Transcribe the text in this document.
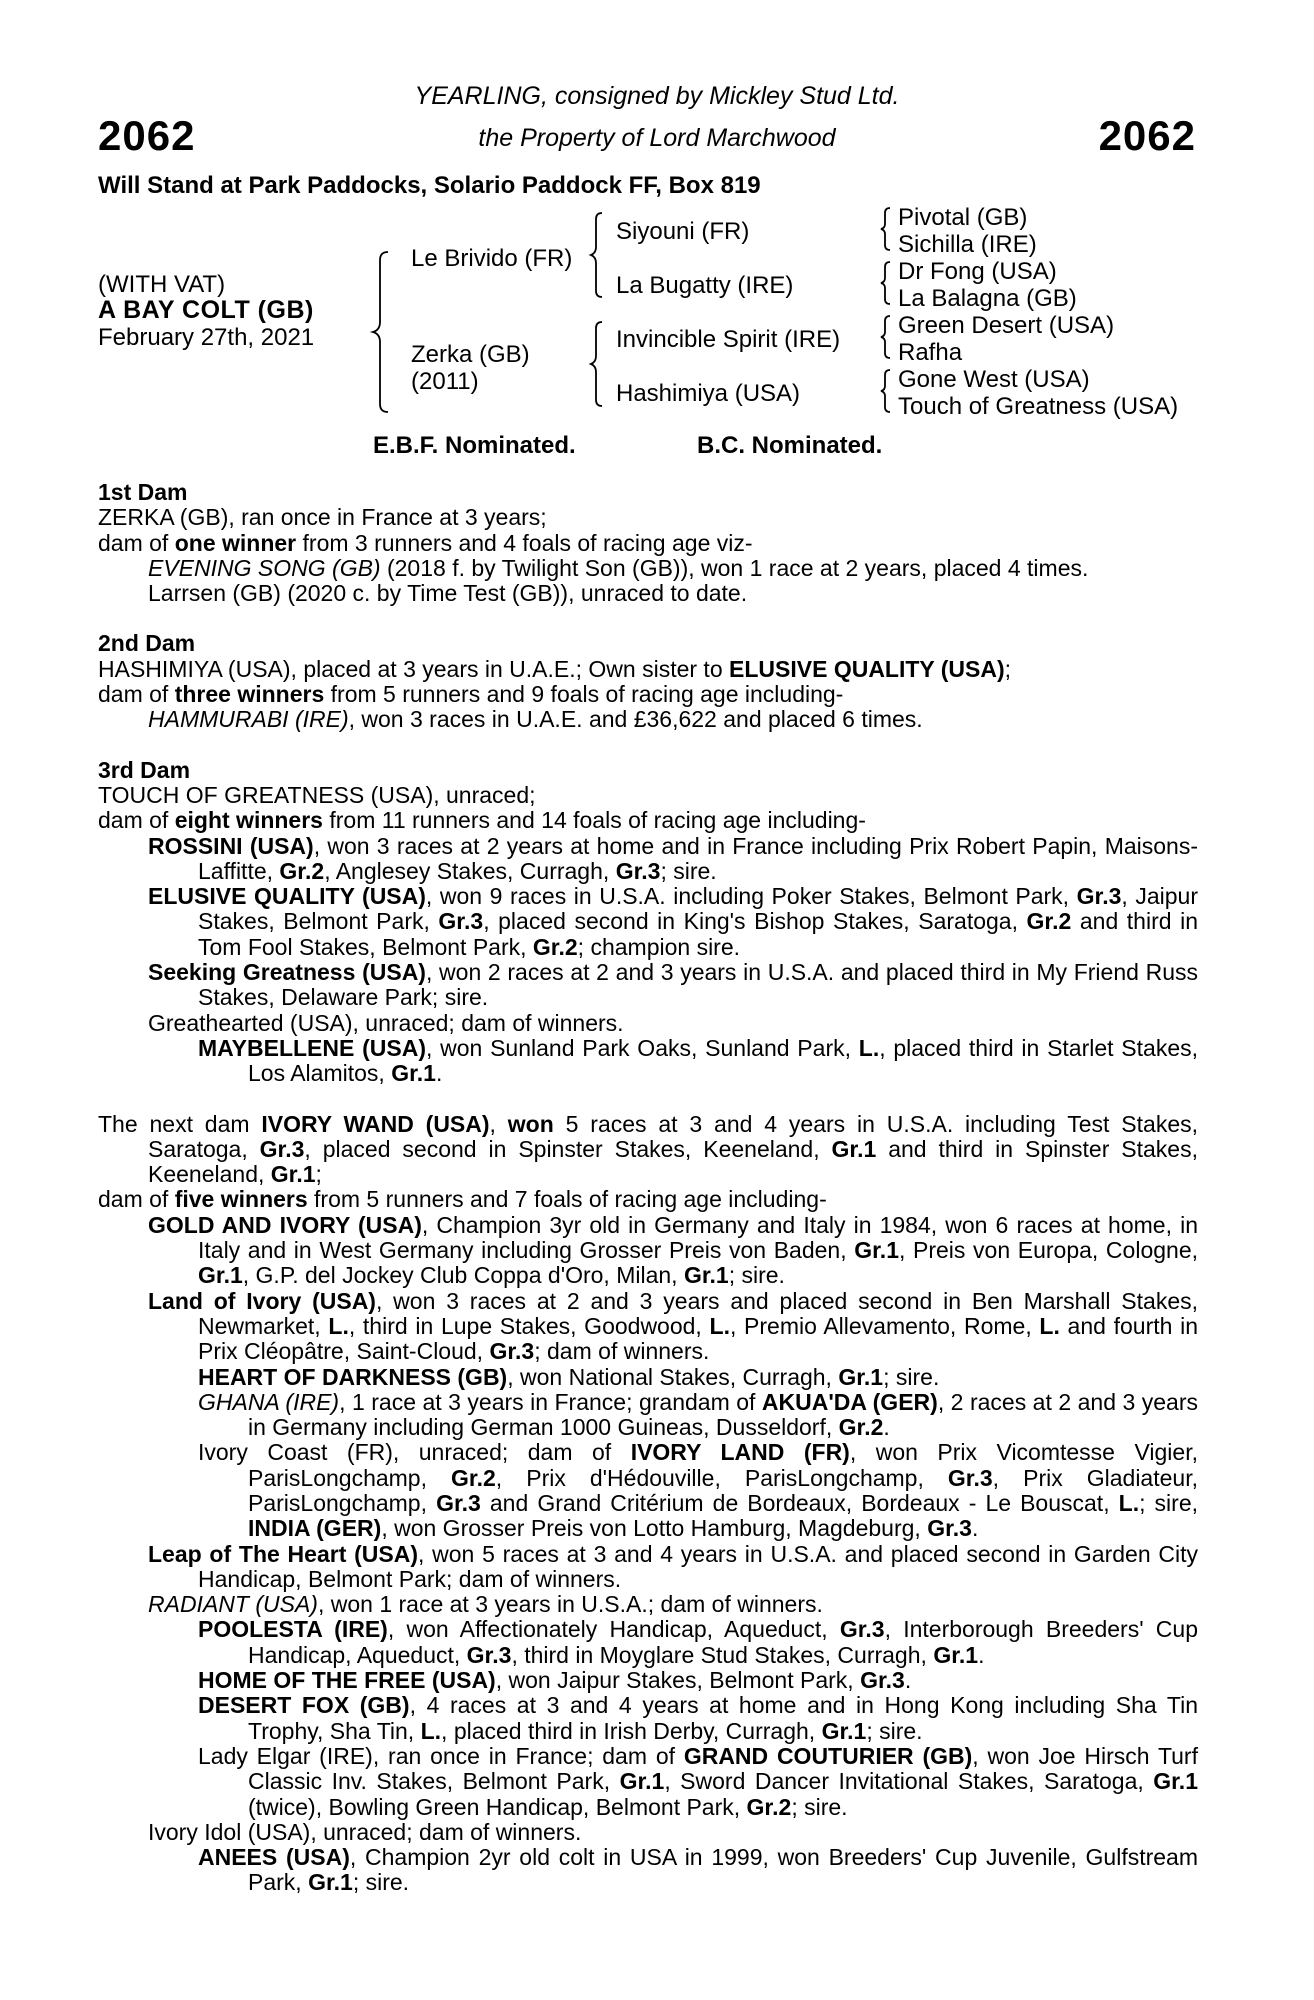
2062	2062
YEARLING, consigned by Mickley Stud Ltd.
the Property of Lord Marchwood
Will Stand at Park Paddocks, Solario Paddock FF, Box 819
(WITH VAT)
A BAY COLT (GB)
February 27th, 2021
Le Brivido (FR)
Zerka (GB)
(2011)
Siyouni (FR)
La Bugatty (IRE)
Invincible Spirit (IRE)
Hashimiya (USA)
Pivotal (GB)
Sichilla (IRE)
Dr Fong (USA)
La Balagna (GB)
Green Desert (USA)
Rafha
Gone West (USA)
Touch of Greatness (USA)
E.B.F. Nominated.	B.C. Nominated.

1st Dam

ZERKA (GB), ran once in France at 3 years;

dam of one winner from 3 runners and 4 foals of racing age viz-

EVENING SONG (GB) (2018 f. by Twilight Son (GB)), won 1 race at 2 years, placed 4 times.

Larrsen (GB) (2020 c. by Time Test (GB)), unraced to date.

2nd Dam

HASHIMIYA (USA), placed at 3 years in U.A.E.; Own sister to ELUSIVE QUALITY (USA);

dam of three winners from 5 runners and 9 foals of racing age including-

HAMMURABI (IRE), won 3 races in U.A.E. and £36,622 and placed 6 times.

3rd Dam

TOUCH OF GREATNESS (USA), unraced;

dam of eight winners from 11 runners and 14 foals of racing age including-

ROSSINI (USA), won 3 races at 2 years at home and in France including Prix Robert Papin, Maisons-Laffitte, Gr.2, Anglesey Stakes, Curragh, Gr.3; sire.

ELUSIVE QUALITY (USA), won 9 races in U.S.A. including Poker Stakes, Belmont Park, Gr.3, Jaipur Stakes, Belmont Park, Gr.3, placed second in King's Bishop Stakes, Saratoga, Gr.2 and third in Tom Fool Stakes, Belmont Park, Gr.2; champion sire.

Seeking Greatness (USA), won 2 races at 2 and 3 years in U.S.A. and placed third in My Friend Russ Stakes, Delaware Park; sire.

Greathearted (USA), unraced; dam of winners.

MAYBELLENE (USA), won Sunland Park Oaks, Sunland Park, L., placed third in Starlet Stakes, Los Alamitos, Gr.1.

The next dam IVORY WAND (USA), won 5 races at 3 and 4 years in U.S.A. including Test Stakes, Saratoga, Gr.3, placed second in Spinster Stakes, Keeneland, Gr.1 and third in Spinster Stakes, Keeneland, Gr.1;

dam of five winners from 5 runners and 7 foals of racing age including-

GOLD AND IVORY (USA), Champion 3yr old in Germany and Italy in 1984, won 6 races at home, in Italy and in West Germany including Grosser Preis von Baden, Gr.1, Preis von Europa, Cologne, Gr.1, G.P. del Jockey Club Coppa d'Oro, Milan, Gr.1; sire.

Land of Ivory (USA), won 3 races at 2 and 3 years and placed second in Ben Marshall Stakes, Newmarket, L., third in Lupe Stakes, Goodwood, L., Premio Allevamento, Rome, L. and fourth in Prix Cléopâtre, Saint-Cloud, Gr.3; dam of winners.

HEART OF DARKNESS (GB), won National Stakes, Curragh, Gr.1; sire.

GHANA (IRE), 1 race at 3 years in France; grandam of AKUA'DA (GER), 2 races at 2 and 3 years in Germany including German 1000 Guineas, Dusseldorf, Gr.2.

Ivory Coast (FR), unraced; dam of IVORY LAND (FR), won Prix Vicomtesse Vigier, ParisLongchamp, Gr.2, Prix d'Hédouville, ParisLongchamp, Gr.3, Prix Gladiateur, ParisLongchamp, Gr.3 and Grand Critérium de Bordeaux, Bordeaux - Le Bouscat, L.; sire, INDIA (GER), won Grosser Preis von Lotto Hamburg, Magdeburg, Gr.3.

Leap of The Heart (USA), won 5 races at 3 and 4 years in U.S.A. and placed second in Garden City Handicap, Belmont Park; dam of winners.

RADIANT (USA), won 1 race at 3 years in U.S.A.; dam of winners.

POOLESTA (IRE), won Affectionately Handicap, Aqueduct, Gr.3, Interborough Breeders' Cup Handicap, Aqueduct, Gr.3, third in Moyglare Stud Stakes, Curragh, Gr.1.

HOME OF THE FREE (USA), won Jaipur Stakes, Belmont Park, Gr.3.

DESERT FOX (GB), 4 races at 3 and 4 years at home and in Hong Kong including Sha Tin Trophy, Sha Tin, L., placed third in Irish Derby, Curragh, Gr.1; sire.

Lady Elgar (IRE), ran once in France; dam of GRAND COUTURIER (GB), won Joe Hirsch Turf Classic Inv. Stakes, Belmont Park, Gr.1, Sword Dancer Invitational Stakes, Saratoga, Gr.1 (twice), Bowling Green Handicap, Belmont Park, Gr.2; sire.

Ivory Idol (USA), unraced; dam of winners.

ANEES (USA), Champion 2yr old colt in USA in 1999, won Breeders' Cup Juvenile, Gulfstream Park, Gr.1; sire.
